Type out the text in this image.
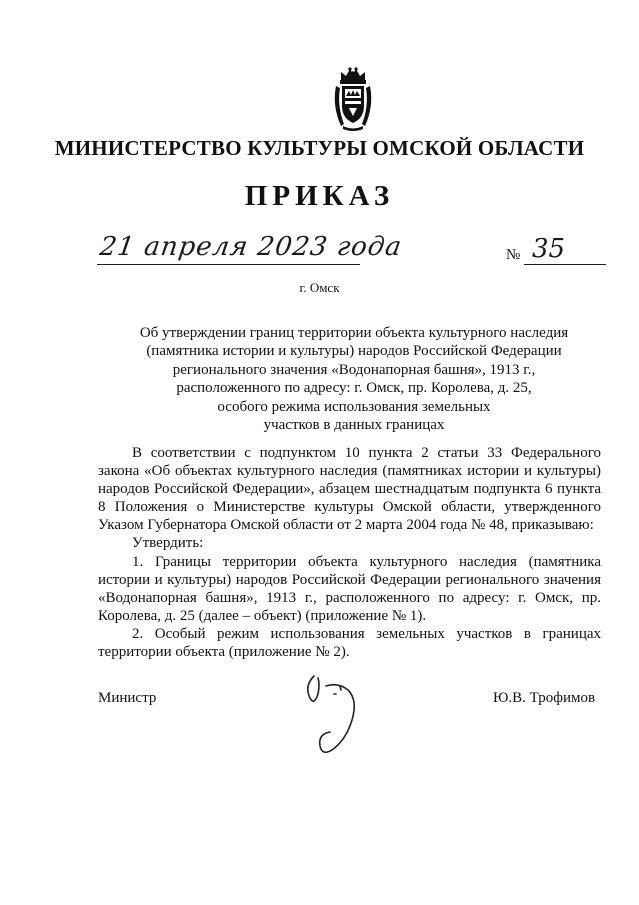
МИНИСТЕРСТВО КУЛЬТУРЫ ОМСКОЙ ОБЛАСТИ
ПРИКАЗ
21 апреля 2023 года	№ 35
г. Омск
Об утверждении границ территории объекта культурного наследия
(памятника истории и культуры) народов Российской Федерации
регионального значения «Водонапорная башня», 1913 г.,
расположенного по адресу: г. Омск, пр. Королева, д. 25,
особого режима использования земельных
участков в данных границах

В соответствии с подпунктом 10 пункта 2 статьи 33 Федерального закона «Об объектах культурного наследия (памятниках истории и культуры) народов Российской Федерации», абзацем шестнадцатым подпункта 6 пункта 8 Положения о Министерстве культуры Омской области, утвержденного Указом Губернатора Омской области от 2 марта 2004 года № 48, приказываю:

Утвердить:

1. Границы территории объекта культурного наследия (памятника истории и культуры) народов Российской Федерации регионального значения «Водонапорная башня», 1913 г., расположенного по адресу: г. Омск, пр. Королева, д. 25 (далее – объект) (приложение № 1).

2. Особый режим использования земельных участков в границах территории объекта (приложение № 2).

Министр	Ю.В. Трофимов
